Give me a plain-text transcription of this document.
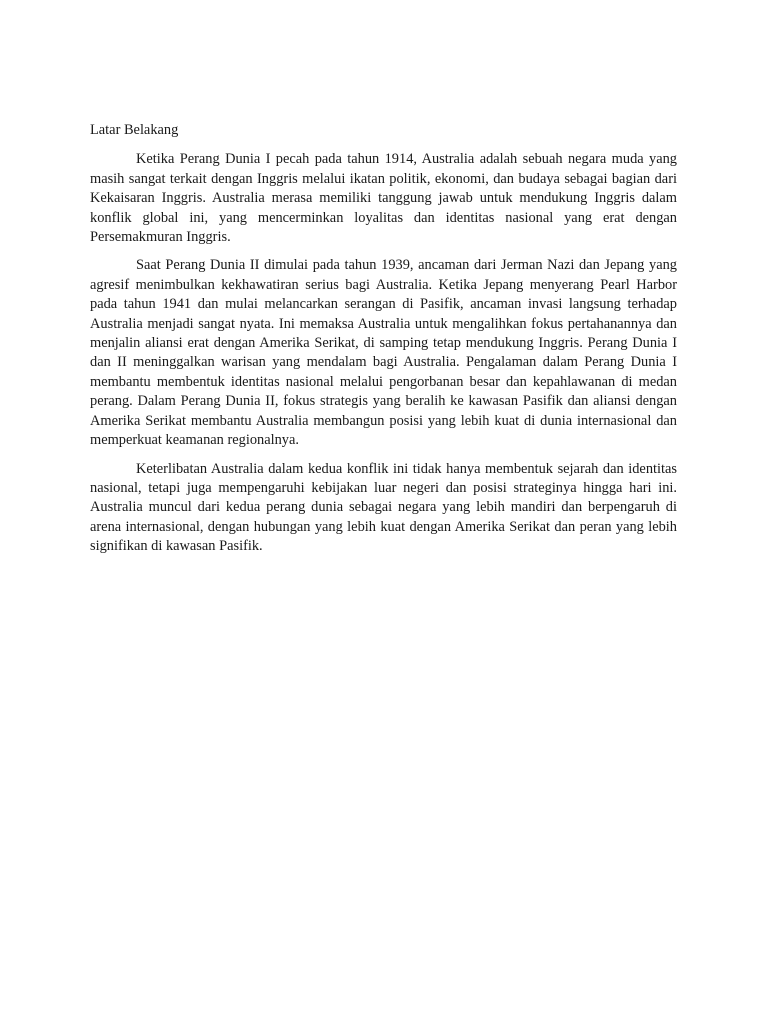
Latar Belakang

Ketika Perang Dunia I pecah pada tahun 1914, Australia adalah sebuah negara muda yang masih sangat terkait dengan Inggris melalui ikatan politik, ekonomi, dan budaya sebagai bagian dari Kekaisaran Inggris. Australia merasa memiliki tanggung jawab untuk mendukung Inggris dalam konflik global ini, yang mencerminkan loyalitas dan identitas nasional yang erat dengan Persemakmuran Inggris.

Saat Perang Dunia II dimulai pada tahun 1939, ancaman dari Jerman Nazi dan Jepang yang agresif menimbulkan kekhawatiran serius bagi Australia. Ketika Jepang menyerang Pearl Harbor pada tahun 1941 dan mulai melancarkan serangan di Pasifik, ancaman invasi langsung terhadap Australia menjadi sangat nyata. Ini memaksa Australia untuk mengalihkan fokus pertahanannya dan menjalin aliansi erat dengan Amerika Serikat, di samping tetap mendukung Inggris. Perang Dunia I dan II meninggalkan warisan yang mendalam bagi Australia. Pengalaman dalam Perang Dunia I membantu membentuk identitas nasional melalui pengorbanan besar dan kepahlawanan di medan perang. Dalam Perang Dunia II, fokus strategis yang beralih ke kawasan Pasifik dan aliansi dengan Amerika Serikat membantu Australia membangun posisi yang lebih kuat di dunia internasional dan memperkuat keamanan regionalnya.

Keterlibatan Australia dalam kedua konflik ini tidak hanya membentuk sejarah dan identitas nasional, tetapi juga mempengaruhi kebijakan luar negeri dan posisi strateginya hingga hari ini. Australia muncul dari kedua perang dunia sebagai negara yang lebih mandiri dan berpengaruh di arena internasional, dengan hubungan yang lebih kuat dengan Amerika Serikat dan peran yang lebih signifikan di kawasan Pasifik.
